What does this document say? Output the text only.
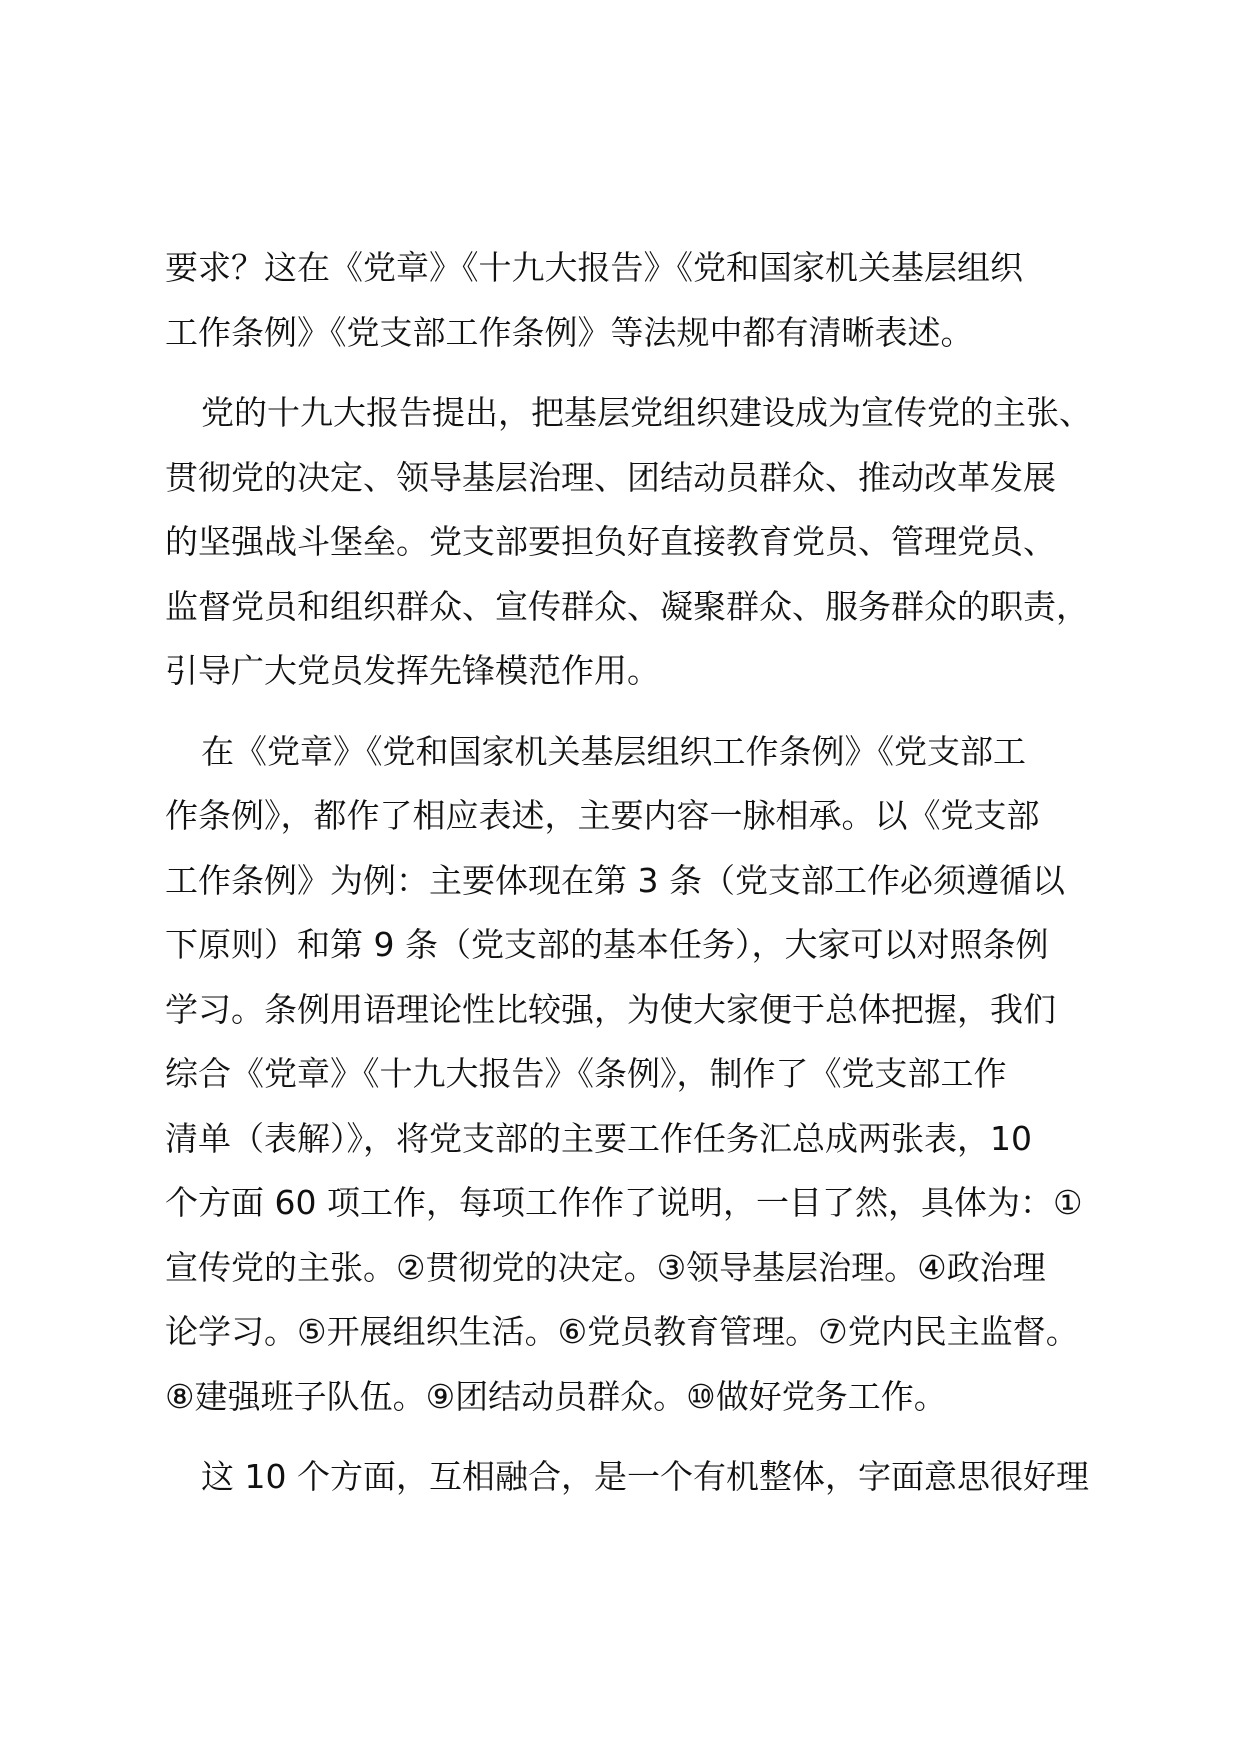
要求？这在《党章》《十九大报告》《党和国家机关基层组织
工作条例》《党支部工作条例》等法规中都有清晰表述。

党的十九大报告提出，把基层党组织建设成为宣传党的主张、
贯彻党的决定、领导基层治理、团结动员群众、推动改革发展
的坚强战斗堡垒。党支部要担负好直接教育党员、管理党员、
监督党员和组织群众、宣传群众、凝聚群众、服务群众的职责，
引导广大党员发挥先锋模范作用。

在《党章》《党和国家机关基层组织工作条例》《党支部工
作条例》，都作了相应表述，主要内容一脉相承。以《党支部
工作条例》为例：主要体现在第 3 条（党支部工作必须遵循以
下原则）和第 9 条（党支部的基本任务），大家可以对照条例
学习。条例用语理论性比较强，为使大家便于总体把握，我们
综合《党章》《十九大报告》《条例》，制作了《党支部工作
清单（表解）》，将党支部的主要工作任务汇总成两张表，10
个方面 60 项工作，每项工作作了说明，一目了然，具体为：①
宣传党的主张。②贯彻党的决定。③领导基层治理。④政治理
论学习。⑤开展组织生活。⑥党员教育管理。⑦党内民主监督。
⑧建强班子队伍。⑨团结动员群众。⑩做好党务工作。

这 10 个方面，互相融合，是一个有机整体，字面意思很好理
